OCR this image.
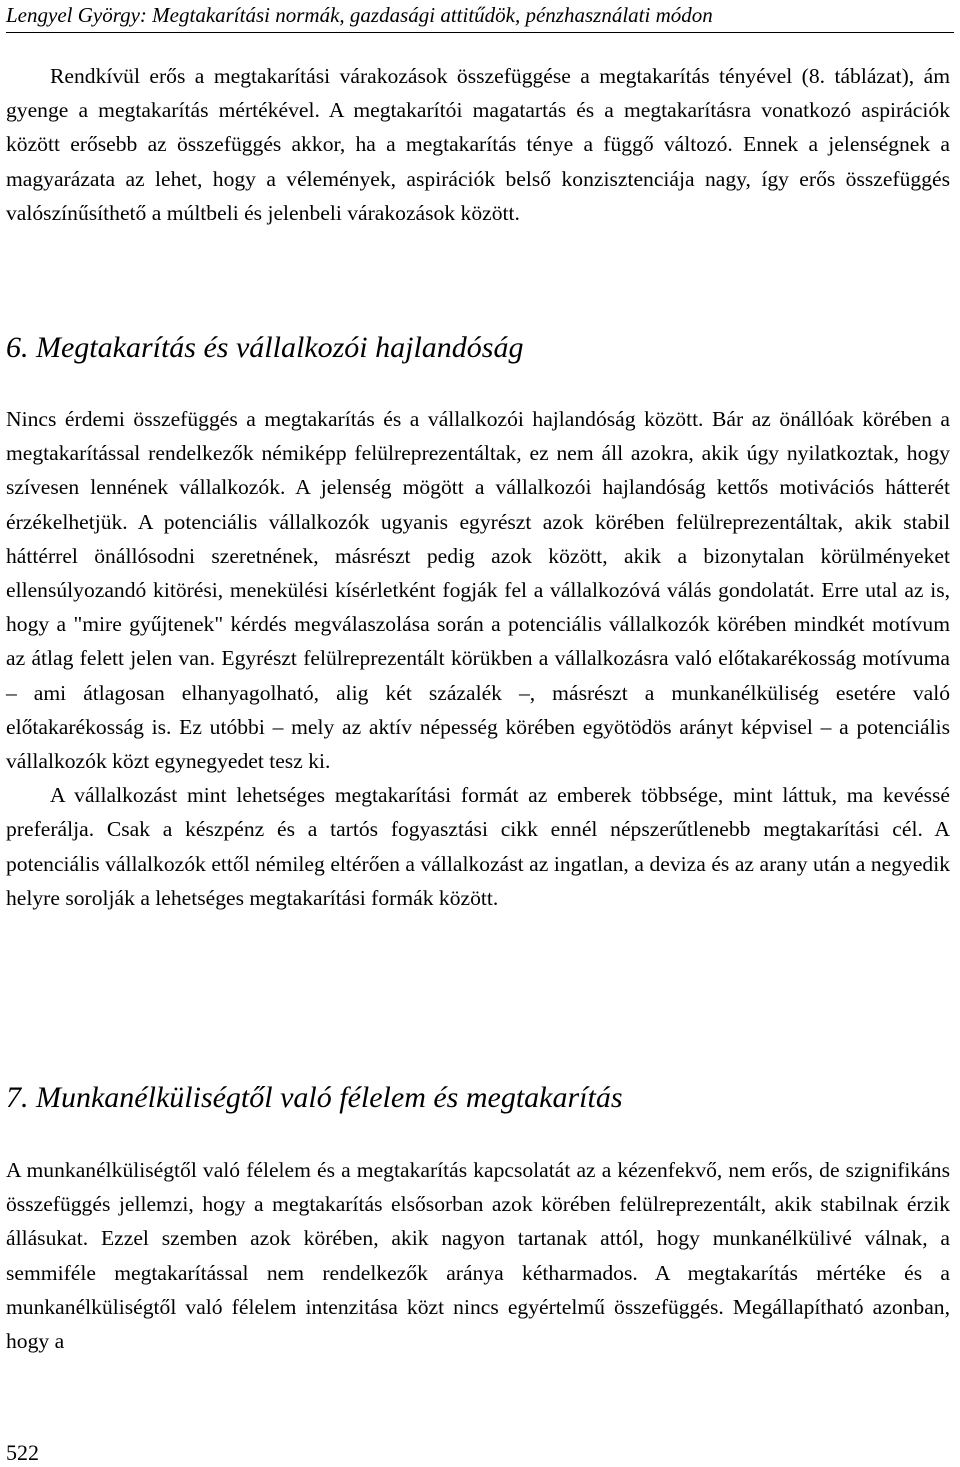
Lengyel György: Megtakarítási normák, gazdasági attitűdök, pénzhasználati módon

Rendkívül erős a megtakarítási várakozások összefüggése a megtakarítás tényével (8. táblázat), ám gyenge a megtakarítás mértékével. A megtakarítói magatartás és a megtakarításra vonatkozó aspirációk között erősebb az összefüggés akkor, ha a megtakarítás ténye a függő változó. Ennek a jelenségnek a magyarázata az lehet, hogy a vélemények, aspirációk belső konzisztenciája nagy, így erős összefüggés valószínűsíthető a múltbeli és jelenbeli várakozások között.

6. Megtakarítás és vállalkozói hajlandóság

Nincs érdemi összefüggés a megtakarítás és a vállalkozói hajlandóság között. Bár az önállóak körében a megtakarítással rendelkezők némiképp felülreprezentáltak, ez nem áll azokra, akik úgy nyilatkoztak, hogy szívesen lennének vállalkozók. A jelenség mögött a vállalkozói hajlandóság kettős motivációs hátterét érzékelhetjük. A potenciális vállalkozók ugyanis egyrészt azok körében felülreprezentáltak, akik stabil háttérrel önállósodni szeretnének, másrészt pedig azok között, akik a bizonytalan körülményeket ellensúlyozandó kitörési, menekülési kísérletként fogják fel a vállalkozóvá válás gondolatát. Erre utal az is, hogy a "mire gyűjtenek" kérdés megválaszolása során a potenciális vállalkozók körében mindkét motívum az átlag felett jelen van. Egyrészt felülreprezentált körükben a vállalkozásra való előtakarékosság motívuma – ami átlagosan elhanyagolható, alig két százalék –, másrészt a munkanélküliség esetére való előtakarékosság is. Ez utóbbi – mely az aktív népesség körében egyötödös arányt képvisel – a potenciális vállalkozók közt egynegyedet tesz ki.

A vállalkozást mint lehetséges megtakarítási formát az emberek többsége, mint láttuk, ma kevéssé preferálja. Csak a készpénz és a tartós fogyasztási cikk ennél népszerűtlenebb megtakarítási cél. A potenciális vállalkozók ettől némileg eltérően a vállalkozást az ingatlan, a deviza és az arany után a negyedik helyre sorolják a lehetséges megtakarítási formák között.

7. Munkanélküliségtől való félelem és megtakarítás

A munkanélküliségtől való félelem és a megtakarítás kapcsolatát az a kézenfekvő, nem erős, de szignifikáns összefüggés jellemzi, hogy a megtakarítás elsősorban azok körében felülreprezentált, akik stabilnak érzik állásukat. Ezzel szemben azok körében, akik nagyon tartanak attól, hogy munkanélkülivé válnak, a semmiféle megtakarítással nem rendelkezők aránya kétharmados. A megtakarítás mértéke és a munkanélküliségtől való félelem intenzitása közt nincs egyértelmű összefüggés. Megállapítható azonban, hogy a

522
